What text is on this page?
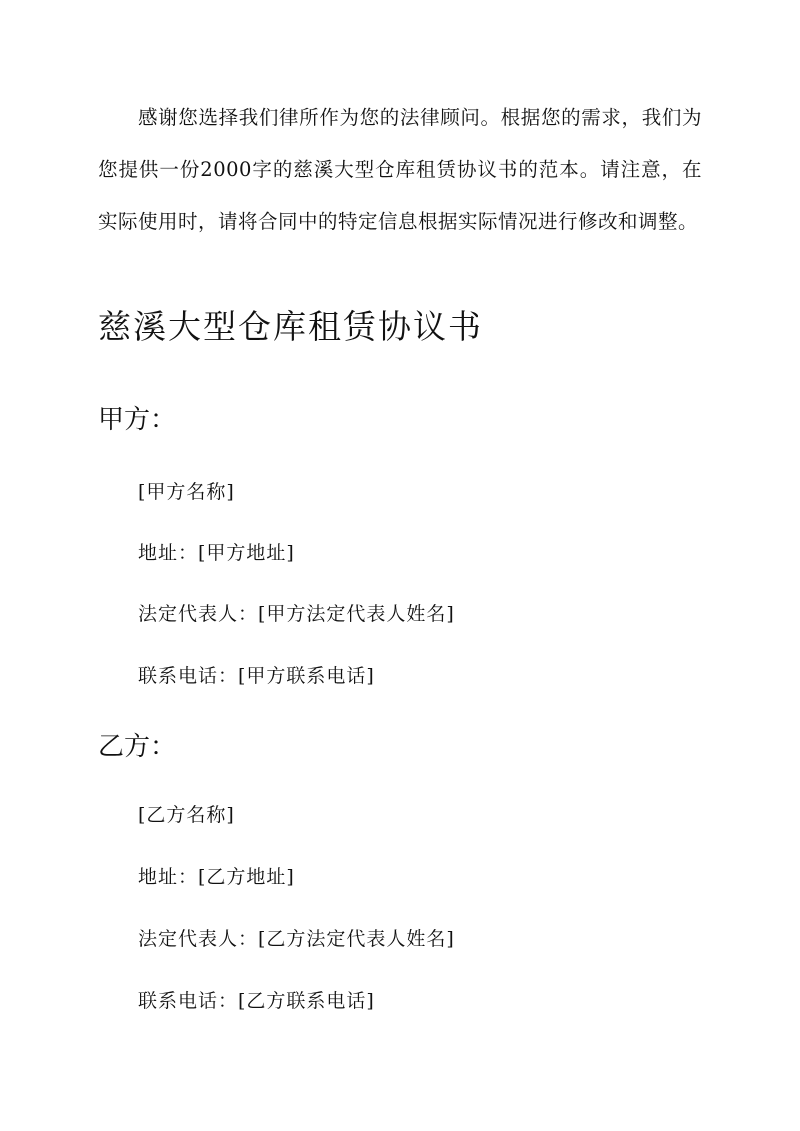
感谢您选择我们律所作为您的法律顾问。根据您的需求，我们为您提供一份2000字的慈溪大型仓库租赁协议书的范本。请注意，在实际使用时，请将合同中的特定信息根据实际情况进行修改和调整。

慈溪大型仓库租赁协议书
甲方：

[甲方名称]

地址：[甲方地址]

法定代表人：[甲方法定代表人姓名]

联系电话：[甲方联系电话]

乙方：

[乙方名称]

地址：[乙方地址]

法定代表人：[乙方法定代表人姓名]

联系电话：[乙方联系电话]
